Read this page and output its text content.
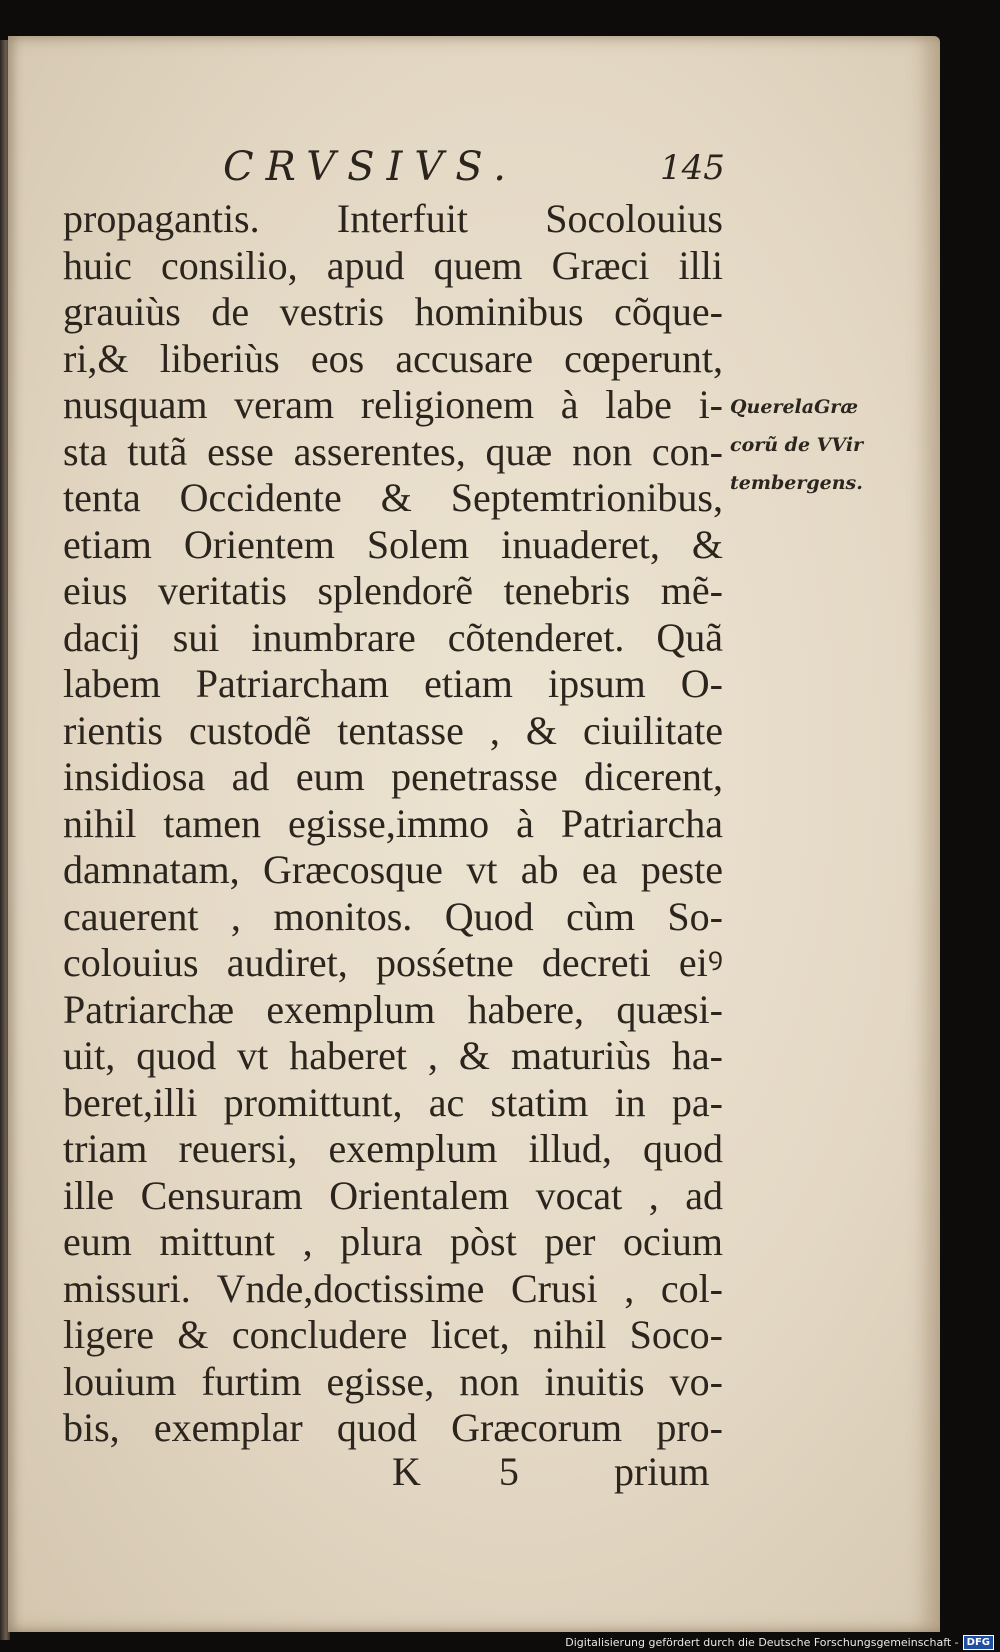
CRVSIVS.	145
propagantis. Interfuit Socolouius
huic consilio, apud quem Græci illi
grauiùs de vestris hominibus cõque-
ri,& liberiùs eos accusare cœperunt,
nusquam veram religionem à labe i-
sta tutã esse asserentes, quæ non con-
tenta Occidente & Septemtrionibus,
etiam Orientem Solem inuaderet, &
eius veritatis splendorẽ tenebris mẽ-
dacij sui inumbrare cõtenderet. Quã
labem Patriarcham etiam ipsum O-
rientis custodẽ tentasse , & ciuilitate
insidiosa ad eum penetrasse dicerent,
nihil tamen egisse,immo à Patriarcha
damnatam, Græcosque vt ab ea peste
cauerent , monitos. Quod cùm So-
colouius audiret, posśetne decreti eiꝰ
Patriarchæ exemplum habere, quæsi-
uit, quod vt haberet , & maturiùs ha-
beret,illi promittunt, ac statim in pa-
triam reuersi, exemplum illud, quod
ille Censuram Orientalem vocat , ad
eum mittunt , plura pòst per ocium
missuri. Vnde,doctissime Crusi , col-
ligere & concludere licet, nihil Soco-
louium furtim egisse, non inuitis vo-
bis, exemplar quod Græcorum pro-
QuerelaGræ
corũ de VVir
tembergens.
K 5 prium
Digitalisierung gefördert durch die Deutsche Forschungsgemeinschaft - DFG
